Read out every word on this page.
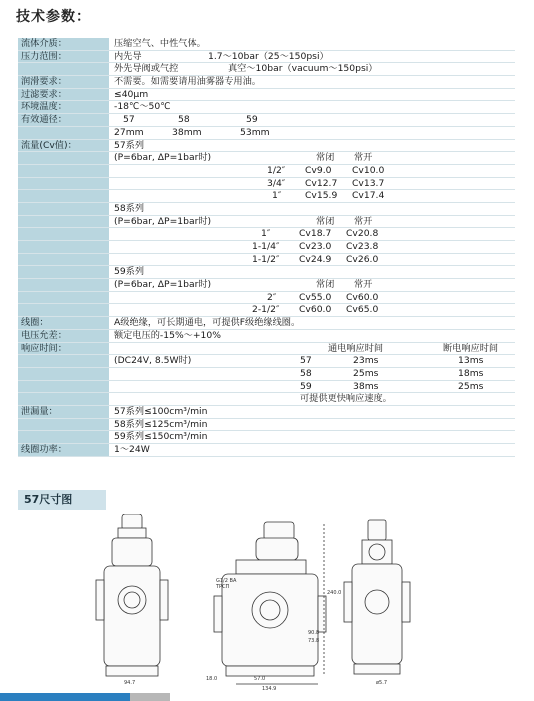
技术参数：
流体介质：	压缩空气、中性气体。
压力范围：	内先导	1.7～10bar（25～150psi）
外先导阀或气控	真空～10bar（vacuum～150psi）
润滑要求：	不需要。如需要请用油雾器专用油。
过滤要求：	≤40μm
环境温度：	-18℃～50℃
有效通径：	57	58	59
27mm	38mm	53mm
流量(Cv值)：	57系列
(P=6bar, ΔP=1bar时)	常闭 常开
1/2″ Cv9.0 Cv10.0
3/4″ Cv12.7 Cv13.7
1″	Cv15.9 Cv17.4
58系列
(P=6bar, ΔP=1bar时)	常闭 常开
1″	Cv18.7 Cv20.8
1-1/4″ Cv23.0 Cv23.8
1-1/2″ Cv24.9 Cv26.0
59系列
(P=6bar, ΔP=1bar时)	常闭 常开
2″ Cv55.0 Cv60.0
2-1/2″ Cv60.0 Cv65.0
线圈：	A级绝缘，可长期通电，可提供F级绝缘线圈。
电压允差：	额定电压的-15%～+10%
响应时间：	通电响应时间	断电响应时间
(DC24V, 8.5W时)	57	23ms	13ms
58	25ms	18ms
59	38ms	25ms
可提供更快响应速度。
泄漏量：	57系列≤100cm³/min
58系列≤125cm³/min
59系列≤150cm³/min
线圈功率：	1～24W
57尺寸图
240.0
90.8
73.8
134.9
18.0	57.0
94.7	ø5.7
G1/2 BA
ТРСП
